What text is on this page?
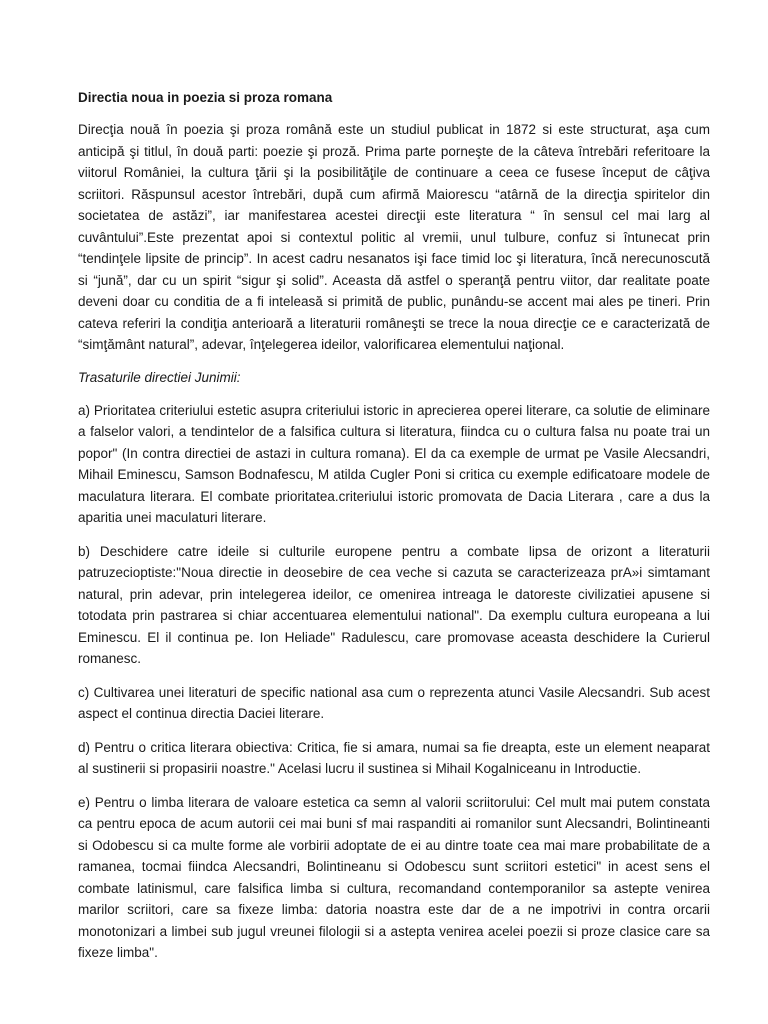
Directia noua in poezia si proza romana

Direcţia nouă în poezia şi proza română este un studiul publicat in 1872 si este structurat, aşa cum anticipă şi titlul, în două parti: poezie şi proză. Prima parte porneşte de la câteva întrebări referitoare la viitorul României, la cultura ţării şi la posibilităţile de continuare a ceea ce fusese început de câţiva scriitori. Răspunsul acestor întrebări, după cum afirmă Maiorescu “atârnă de la direcţia spiritelor din societatea de astăzi”, iar manifestarea acestei direcţii este literatura “ în sensul cel mai larg al cuvântului”.Este prezentat apoi si contextul politic al vremii, unul tulbure, confuz si întunecat prin “tendinţele lipsite de princip”. In acest cadru nesanatos işi face timid loc şi literatura, încă nerecunoscută si “jună”, dar cu un spirit “sigur şi solid”. Aceasta dă astfel o speranţă pentru viitor, dar realitate poate deveni doar cu conditia de a fi inteleasă si primită de public, punându-se accent mai ales pe tineri. Prin cateva referiri la condiţia anterioară a literaturii româneşti se trece la noua direcţie ce e caracterizată de “simţământ natural”, adevar, înţelegerea ideilor, valorificarea elementului naţional.

Trasaturile directiei Junimii:

a) Prioritatea criteriului estetic asupra criteriului istoric in aprecierea operei literare, ca solutie de eliminare a falselor valori, a tendintelor de a falsifica cultura si literatura, fiindca cu o cultura falsa nu poate trai un popor" (In contra directiei de astazi in cultura romana). El da ca exemple de urmat pe Vasile Alecsandri, Mihail Eminescu, Samson Bodnafescu, M atilda Cugler Poni si critica cu exemple edificatoare modele de maculatura literara. El combate prioritatea.criteriului istoric promovata de Dacia Literara , care a dus la aparitia unei maculaturi literare.

b) Deschidere catre ideile si culturile europene pentru a combate lipsa de orizont a literaturii patruzecioptiste:"Noua directie in deosebire de cea veche si cazuta se caracterizeaza prA»i simtamant natural, prin adevar, prin intelegerea ideilor, ce omenirea intreaga le datoreste civilizatiei apusene si totodata prin pastrarea si chiar accentuarea elementului national". Da exemplu cultura europeana a lui Eminescu. El il continua pe. Ion Heliade" Radulescu, care promovase aceasta deschidere la Curierul romanesc.

c) Cultivarea unei literaturi de specific national asa cum o reprezenta atunci Vasile Alecsandri. Sub acest aspect el continua directia Daciei literare.

d) Pentru o critica literara obiectiva: Critica, fie si amara, numai sa fie dreapta, este un element neaparat al sustinerii si propasirii noastre." Acelasi lucru il sustinea si Mihail Kogalniceanu in Introductie.

e) Pentru o limba literara de valoare estetica ca semn al valorii scriitorului: Cel mult mai putem constata ca pentru epoca de acum autorii cei mai buni sf mai raspanditi ai romanilor sunt Alecsandri, Bolintineanti si Odobescu si ca multe forme ale vorbirii adoptate de ei au dintre toate cea mai mare probabilitate de a ramanea, tocmai fiindca Alecsandri, Bolintineanu si Odobescu sunt scriitori estetici" in acest sens el combate latinismul, care falsifica limba si cultura, recomandand contemporanilor sa astepte venirea marilor scriitori, care sa fixeze limba: datoria noastra este dar de a ne impotrivi in contra orcarii monotonizari a limbei sub jugul vreunei filologii si a astepta venirea acelei poezii si proze clasice care sa fixeze limba".
